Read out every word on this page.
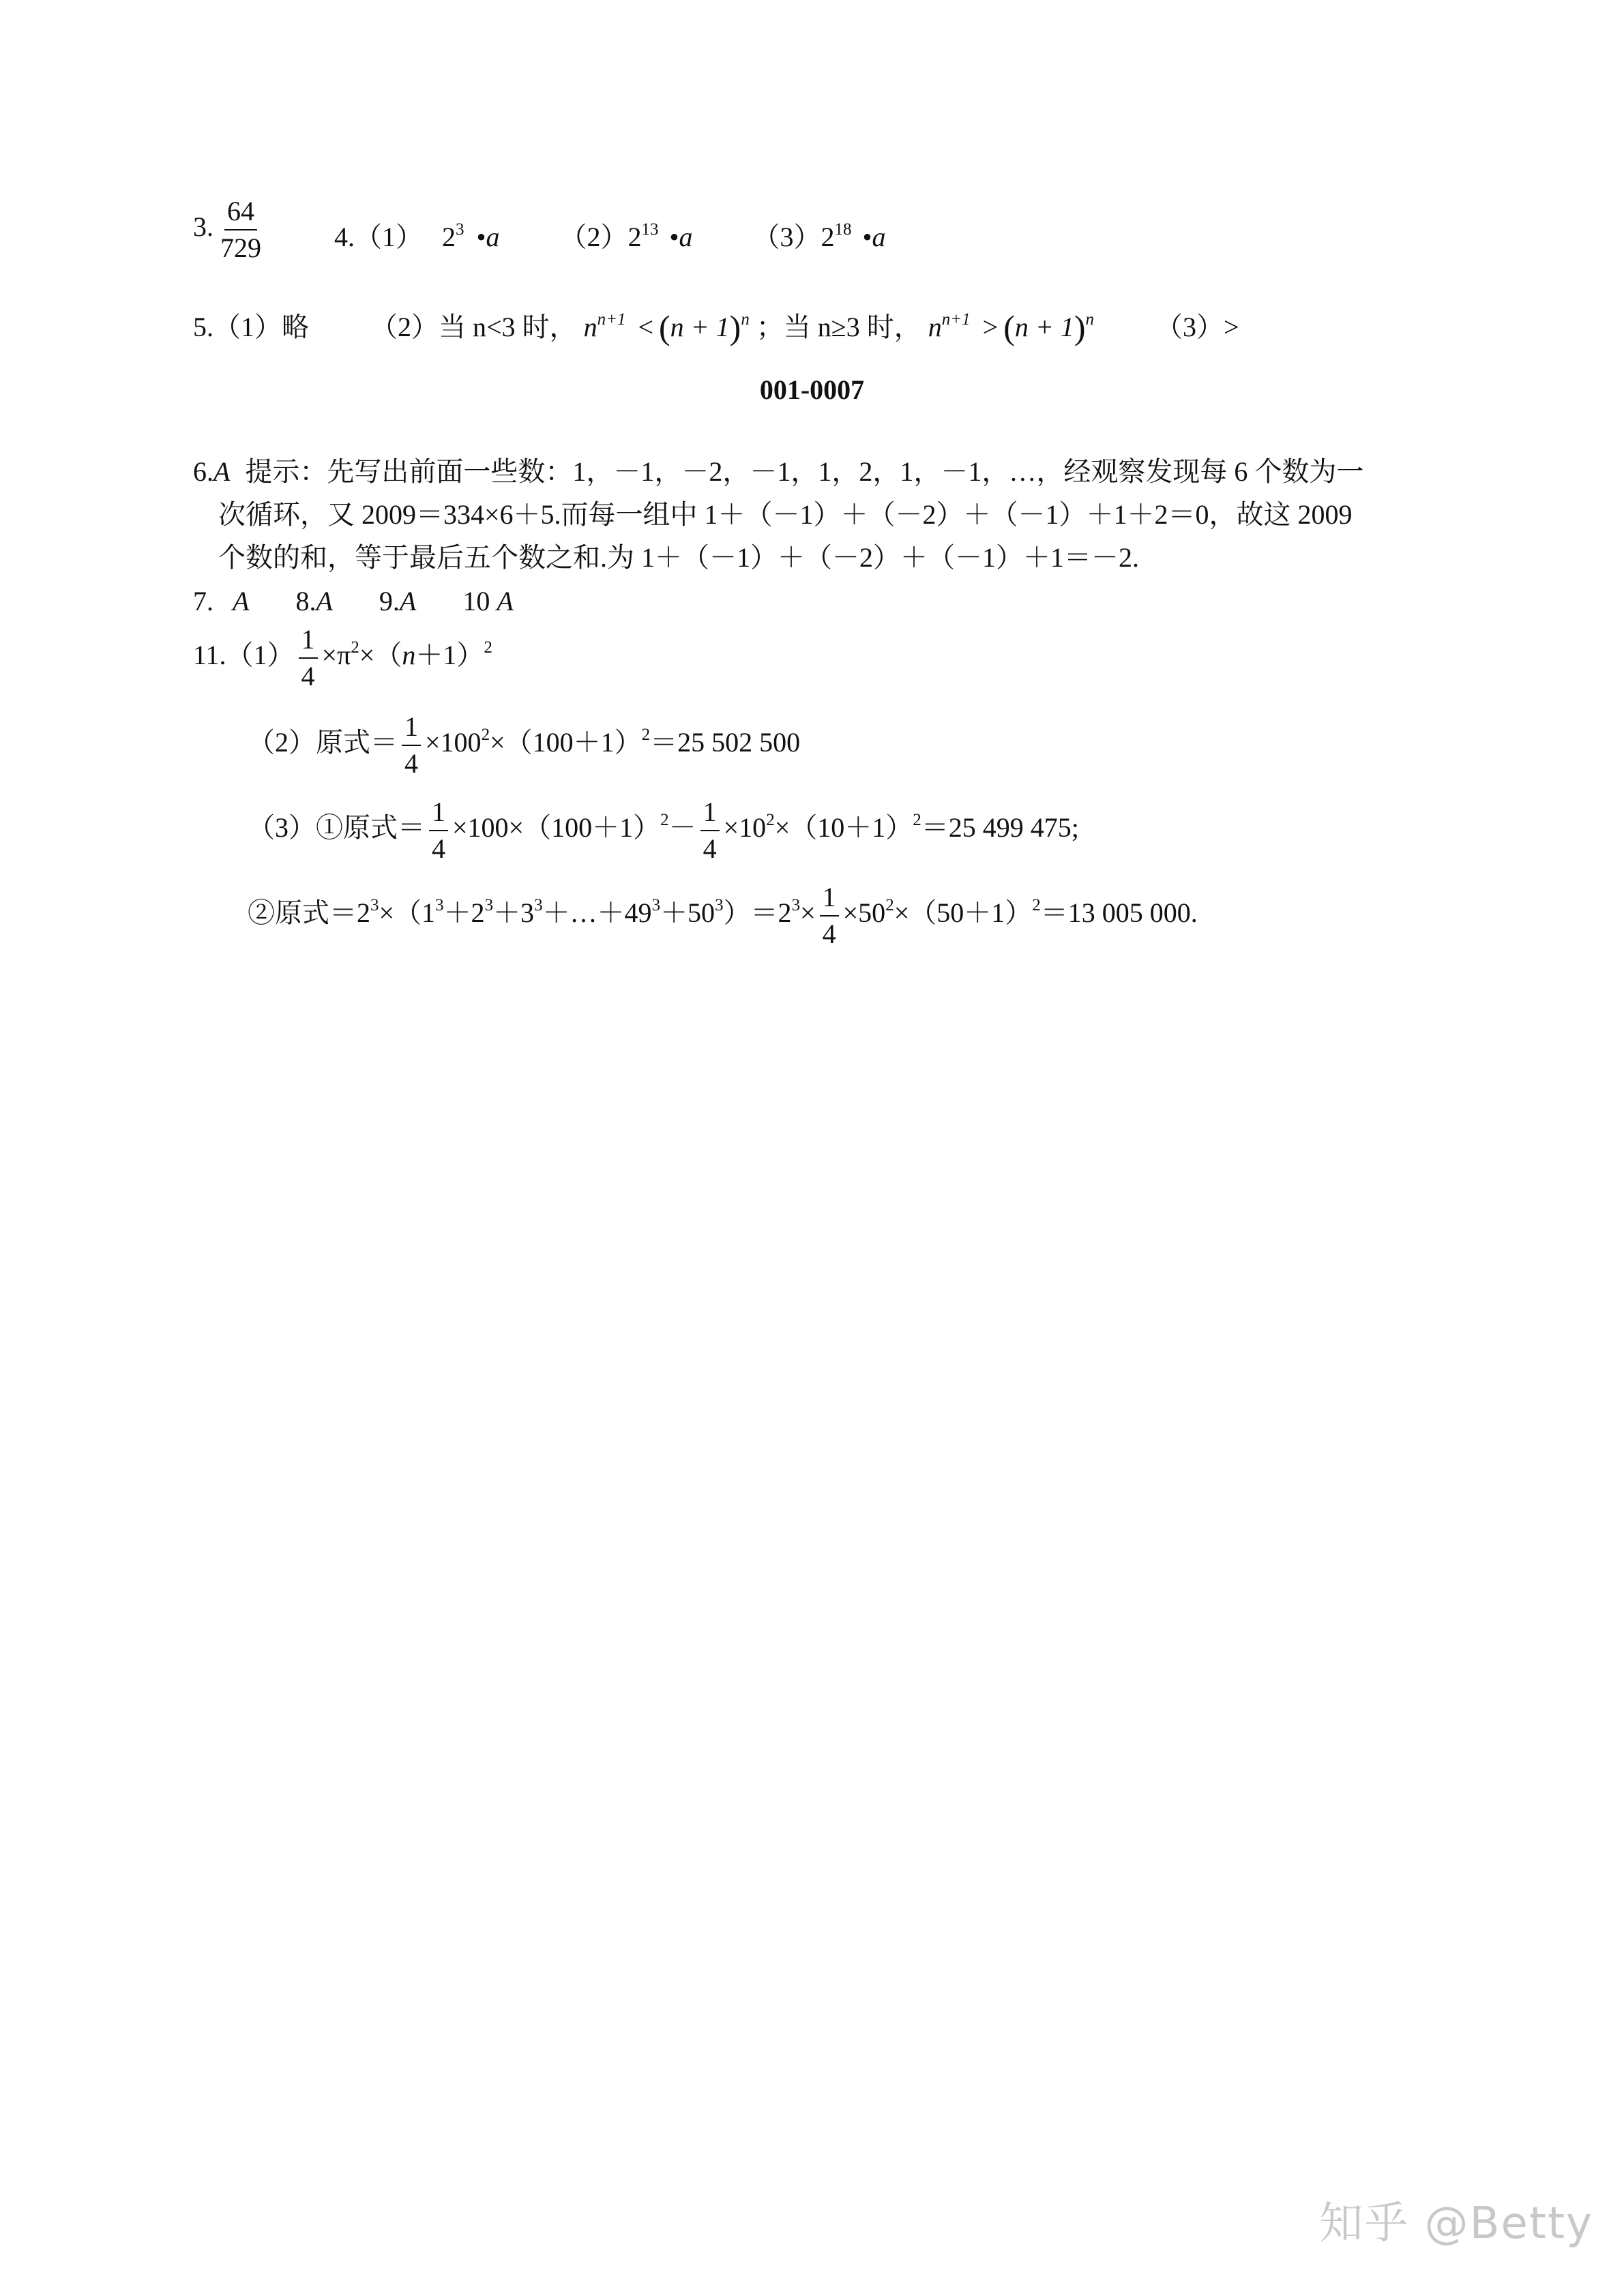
3. $\frac{64}{729}$	4.（1） $2^3$ •a $(2)2^{13}$ •a $(3)2^{18}$ •a
5.（1）略 （2）当 n<3 时， $n^{n+1} < (n + 1)^n$ ；当 n≥3 时， $n^{n+1} > (n + 1)^n$ （3）>
001-0007
6.A 提示：先写出前面一些数：1，－1，－2，－1，1，2，1，－1，…，经观察发现每 6 个数为一
次循环，又 2009＝334×6＋5.而每一组中 1＋（－1）＋（－2）＋（－1）＋1＋2＝0，故这 2009
个数的和，等于最后五个数之和.为 1＋（－1）＋（－2）＋（－1）＋1＝－2.
7. A 8.A 9.A 10 A
$11.(1) \frac{1}{4} \times\pi^2\times(n+1)^2$
（2）原式＝ $\frac{1}{4} \times 100^2\times(100+1)^2=25$ 502 500
（3）①原式＝ $\frac{1}{4} \times 100\times(100+1)^2- \frac{1}{4} \times 10^2\times(10+1)^2=25$ 499 475;
②原式$=2^3\times(1^3+2^3+3^3+\dots+49^3+50^3)=2^3\times \frac{1}{4} \times 50^2\times(50+1)^2=13$ 005 000.
知乎 @Betty
